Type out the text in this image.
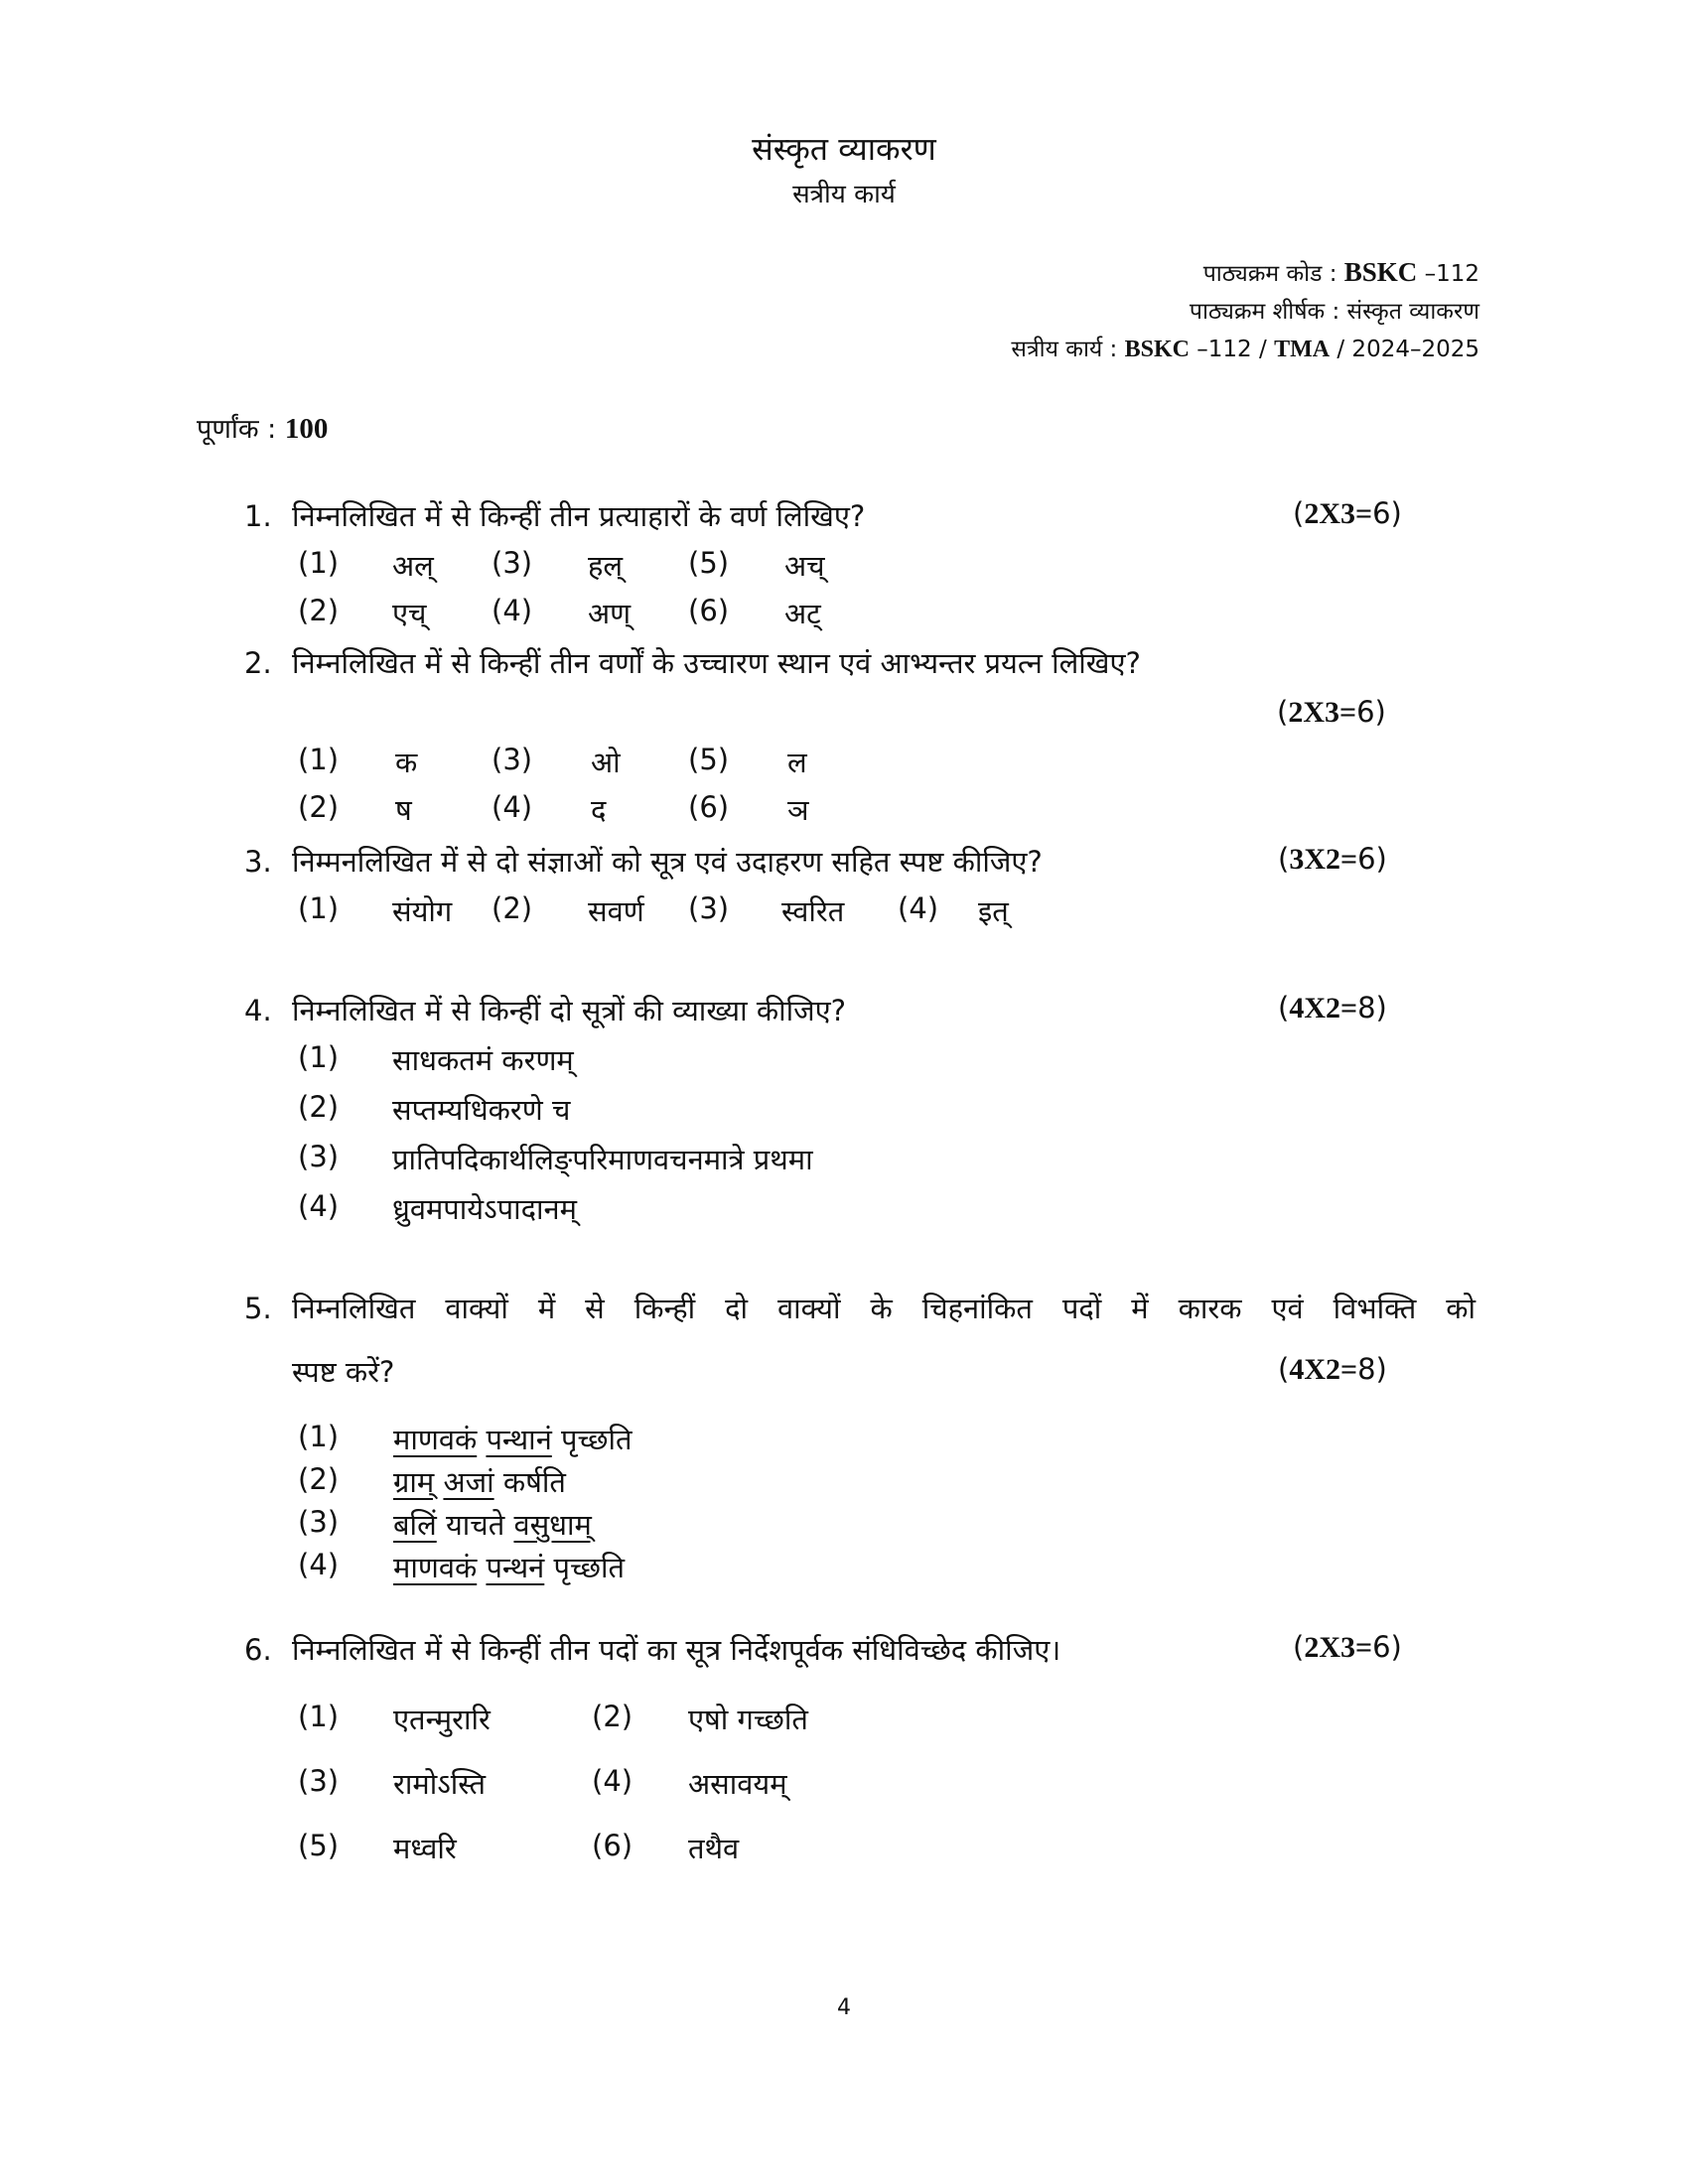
संस्कृत व्याकरण
सत्रीय कार्य
पाठ्यक्रम कोड : BSKC –112
पाठ्यक्रम शीर्षक : संस्कृत व्याकरण
सत्रीय कार्य : BSKC –112 / TMA / 2024–2025
पूर्णांक : 100
1. निम्नलिखित में से किन्हीं तीन प्रत्याहारों के वर्ण लिखिए?	(2X3=6)
(1) अल् (3) हल् (5) अच्
(2) एच् (4) अण् (6) अट्
2. निम्नलिखित में से किन्हीं तीन वर्णों के उच्चारण स्थान एवं आभ्यन्तर प्रयत्न लिखिए?
(2X3=6)
(1) क	(3) ओ (5) ल
(2) ष	(4) द	(6) ञ
3. निम्मनलिखित में से दो संज्ञाओं को सूत्र एवं उदाहरण सहित स्पष्ट कीजिए?	(3X2=6)
(1) संयोग (2) सवर्ण (3) स्वरित (4) इत्
4. निम्नलिखित में से किन्हीं दो सूत्रों की व्याख्या कीजिए?	(4X2=8)
(1) साधकतमं करणम्
(2) सप्तम्यधिकरणे च
(3) प्रातिपदिकार्थलिङ्परिमाणवचनमात्रे प्रथमा
(4) ध्रुवमपायेऽपादानम्
5. निम्नलिखित वाक्यों में से किन्हीं दो वाक्यों के चिहनांकित पदों में कारक एवं विभक्ति को
स्पष्ट करें?	(4X2=8)
(1) माणवकं पन्थानं पृच्छति
(2) ग्राम् अजां कर्षति
(3) बलिं याचते वसुधाम्
(4) माणवकं पन्थनं पृच्छति
6. निम्नलिखित में से किन्हीं तीन पदों का सूत्र निर्देशपूर्वक संधिविच्छेद कीजिए।	(2X3=6)
(1) एतन्मुरारि	(2) एषो गच्छति
(3) रामोऽस्ति	(4) असावयम्
(5) मध्वरि	(6) तथैव
4
